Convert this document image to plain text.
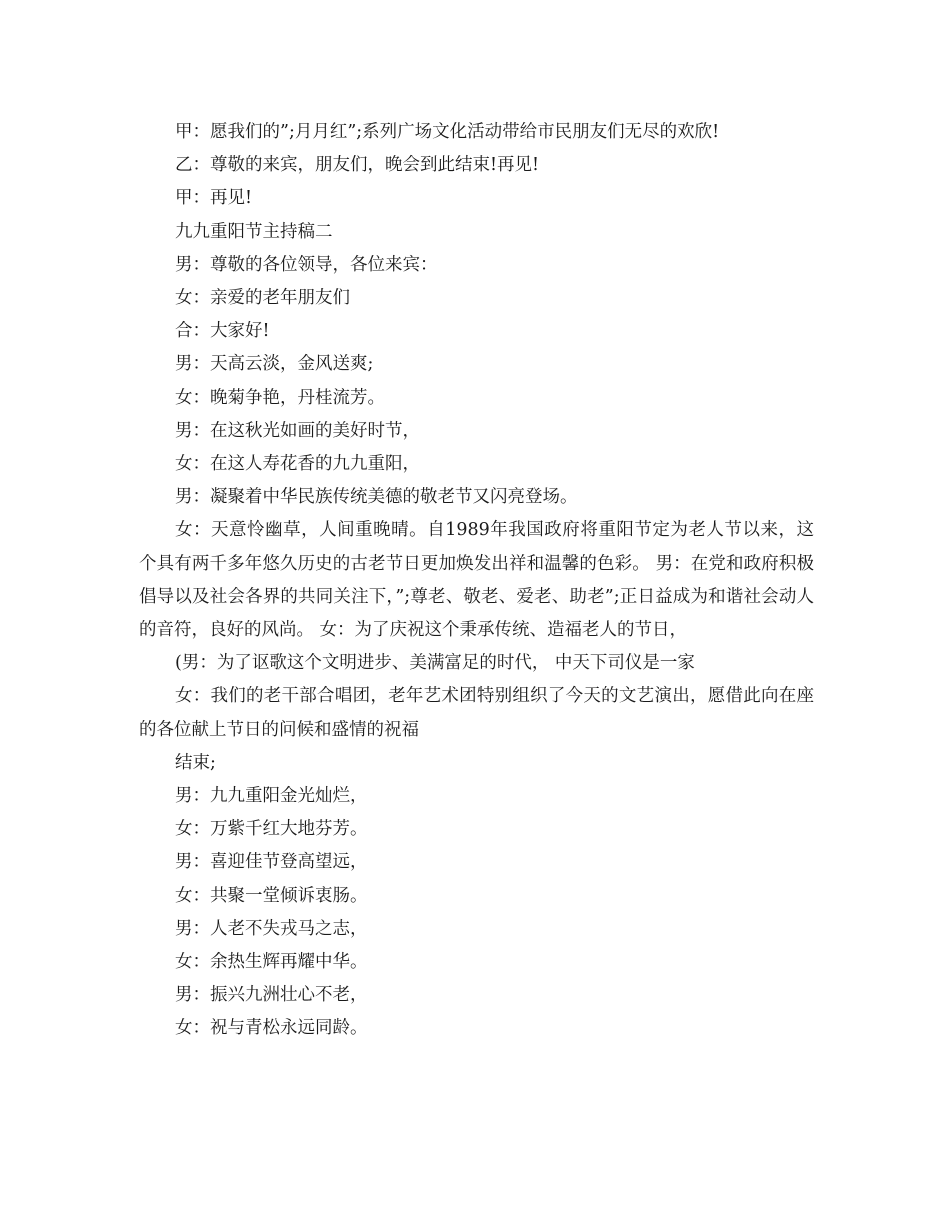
甲：愿我们的”;月月红”;系列广场文化活动带给市民朋友们无尽的欢欣!

乙：尊敬的来宾，朋友们，晚会到此结束!再见!

甲：再见!

九九重阳节主持稿二

男：尊敬的各位领导，各位来宾：

女：亲爱的老年朋友们

合：大家好!

男：天高云淡，金风送爽;

女：晚菊争艳，丹桂流芳。

男：在这秋光如画的美好时节，

女：在这人寿花香的九九重阳，

男：凝聚着中华民族传统美德的敬老节又闪亮登场。

女：天意怜幽草，人间重晚晴。自1989年我国政府将重阳节定为老人节以来，这个具有两千多年悠久历史的古老节日更加焕发出祥和温馨的色彩。 男：在党和政府积极倡导以及社会各界的共同关注下，”;尊老、敬老、爱老、助老”;正日益成为和谐社会动人的音符，良好的风尚。 女：为了庆祝这个秉承传统、造福老人的节日，

(男：为了讴歌这个文明进步、美满富足的时代， 中天下司仪是一家

女：我们的老干部合唱团，老年艺术团特别组织了今天的文艺演出，愿借此向在座的各位献上节日的问候和盛情的祝福

结束;

男：九九重阳金光灿烂，

女：万紫千红大地芬芳。

男：喜迎佳节登高望远，

女：共聚一堂倾诉衷肠。

男：人老不失戎马之志，

女：余热生辉再耀中华。

男：振兴九洲壮心不老，

女：祝与青松永远同龄。
